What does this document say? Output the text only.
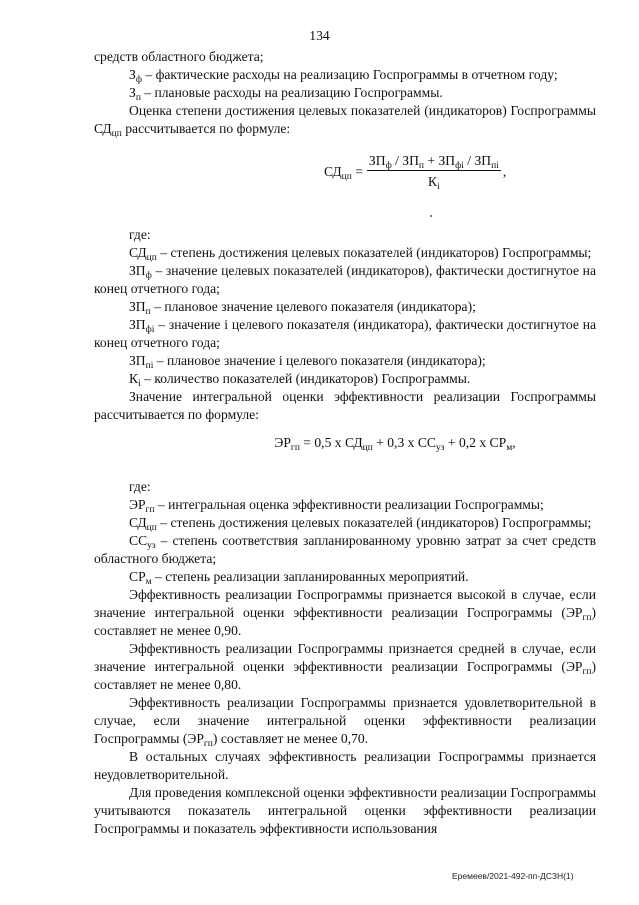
134

средств областного бюджета;

$З_ф$ – фактические расходы на реализацию Госпрограммы в отчетном году;

$З_п$ – плановые расходы на реализацию Госпрограммы.

Оценка степени достижения целевых показателей (индикаторов) Госпрограммы $СД_{цп}$ рассчитывается по формуле:

$СД_{цп} = \frac{ЗП_ф / ЗП_п + ЗП_{фi} / ЗП_{пi}}{К_i}$ ,

где:

$СД_{цп}$ – степень достижения целевых показателей (индикаторов) Госпрограммы;

$ЗП_ф$ – значение целевых показателей (индикаторов), фактически достигнутое на конец отчетного года;

$ЗП_п$ – плановое значение целевого показателя (индикатора);

$ЗП_{фi}$ – значение i целевого показателя (индикатора), фактически достигнутое на конец отчетного года;

$ЗП_{пi}$ – плановое значение i целевого показателя (индикатора);

$К_i$ – количество показателей (индикаторов) Госпрограммы.

Значение интегральной оценки эффективности реализации Госпрограммы рассчитывается по формуле:

$ЭР_{гп} = 0,5$ х $СД_{цп} + 0,3$ х $СС_{уз} + 0,2$ х $СР_м$,

где:

$ЭР_{гп}$ – интегральная оценка эффективности реализации Госпрограммы;

$СД_{цп}$ – степень достижения целевых показателей (индикаторов) Госпрограммы;

$СС_{уз}$ – степень соответствия запланированному уровню затрат за счет средств областного бюджета;

$СР_м$ – степень реализации запланированных мероприятий.

Эффективность реализации Госпрограммы признается высокой в случае, если значение интегральной оценки эффективности реализации Госпрограммы $(ЭР_{гп})$ составляет не менее 0,90.

Эффективность реализации Госпрограммы признается средней в случае, если значение интегральной оценки эффективности реализации Госпрограммы $(ЭР_{гп})$ составляет не менее 0,80.

Эффективность реализации Госпрограммы признается удовлетворительной в случае, если значение интегральной оценки эффективности реализации Госпрограммы $(ЭР_{гп})$ составляет не менее 0,70.

В остальных случаях эффективность реализации Госпрограммы признается неудовлетворительной.

Для проведения комплексной оценки эффективности реализации Госпрограммы учитываются показатель интегральной оценки эффективности реализации Госпрограммы и показатель эффективности использования

Еремеев/2021-492-пп-ДСЗН(1)
